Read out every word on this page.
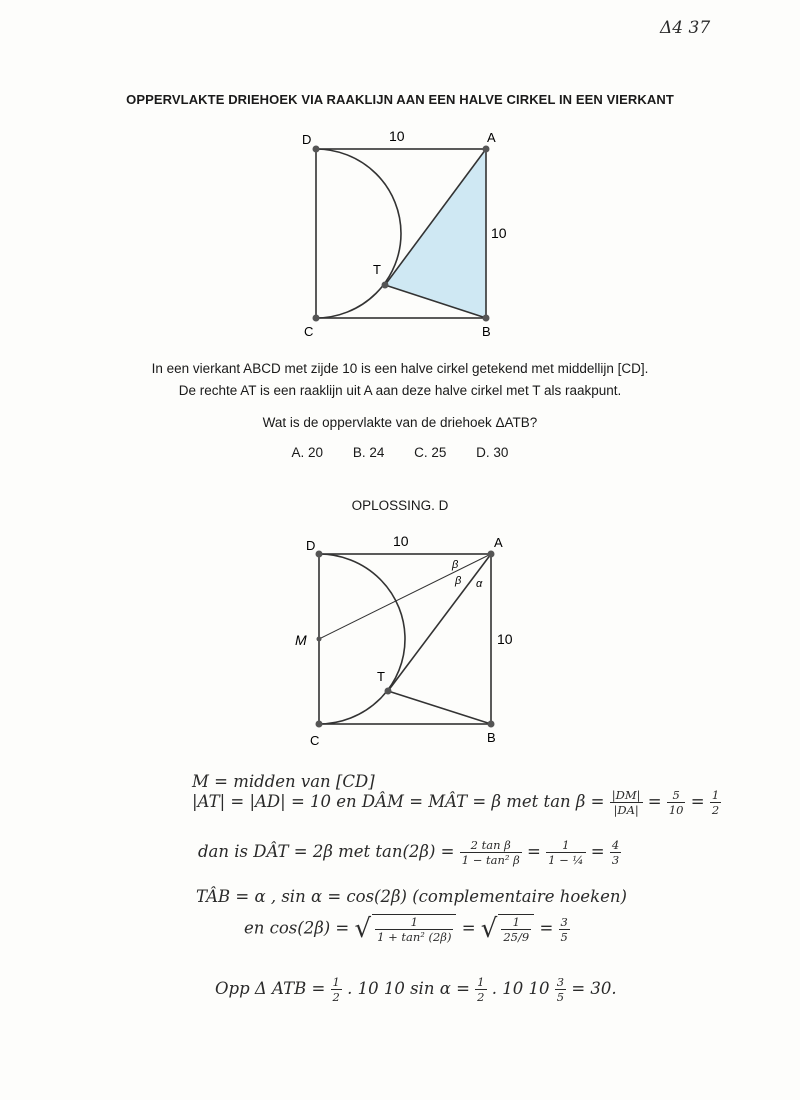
Δ4 37
OPPERVLAKTE DRIEHOEK VIA RAAKLIJN AAN EEN HALVE CIRKEL IN EEN VIERKANT
D	A
B
C
T
10
10
In een vierkant ABCD met zijde 10 is een halve cirkel getekend met middellijn [CD].
De rechte AT is een raaklijn uit A aan deze halve cirkel met T als raakpunt.
Wat is de oppervlakte van de driehoek ΔATB?
A. 20 B. 24 C. 25 D. 30
OPLOSSING. D
D	A
B
C
T
M
10
10
β
β α
M = midden van [CD]
|AT| = |AD| = 10 en DÂM = MÂT = β met $\tan \beta = \frac{|DM|}{|DA|} = \frac{5}{10} = \frac{1}{2}$
dan is DÂT = 2β met $\tan(2\beta) = \frac{\text{2 tan β}}{\text{1 − tan² β}} = \frac{1}{\text{1 − ¼}} = \frac{4}{3}$
TÂB = α , sin α = cos(2β) (complementaire hoeken)
en cos(2β) = √ $\frac{1}{\text{1 + tan² (2β)}}$ = √ $\frac{1}{25/9} = \frac{3}{5}$
Opp Δ ATB = $\frac{1}{2}$ . 10 10 $\sin \alpha = \frac{1}{2}$ . 10 $10 \frac{3}{5} = 30$.
